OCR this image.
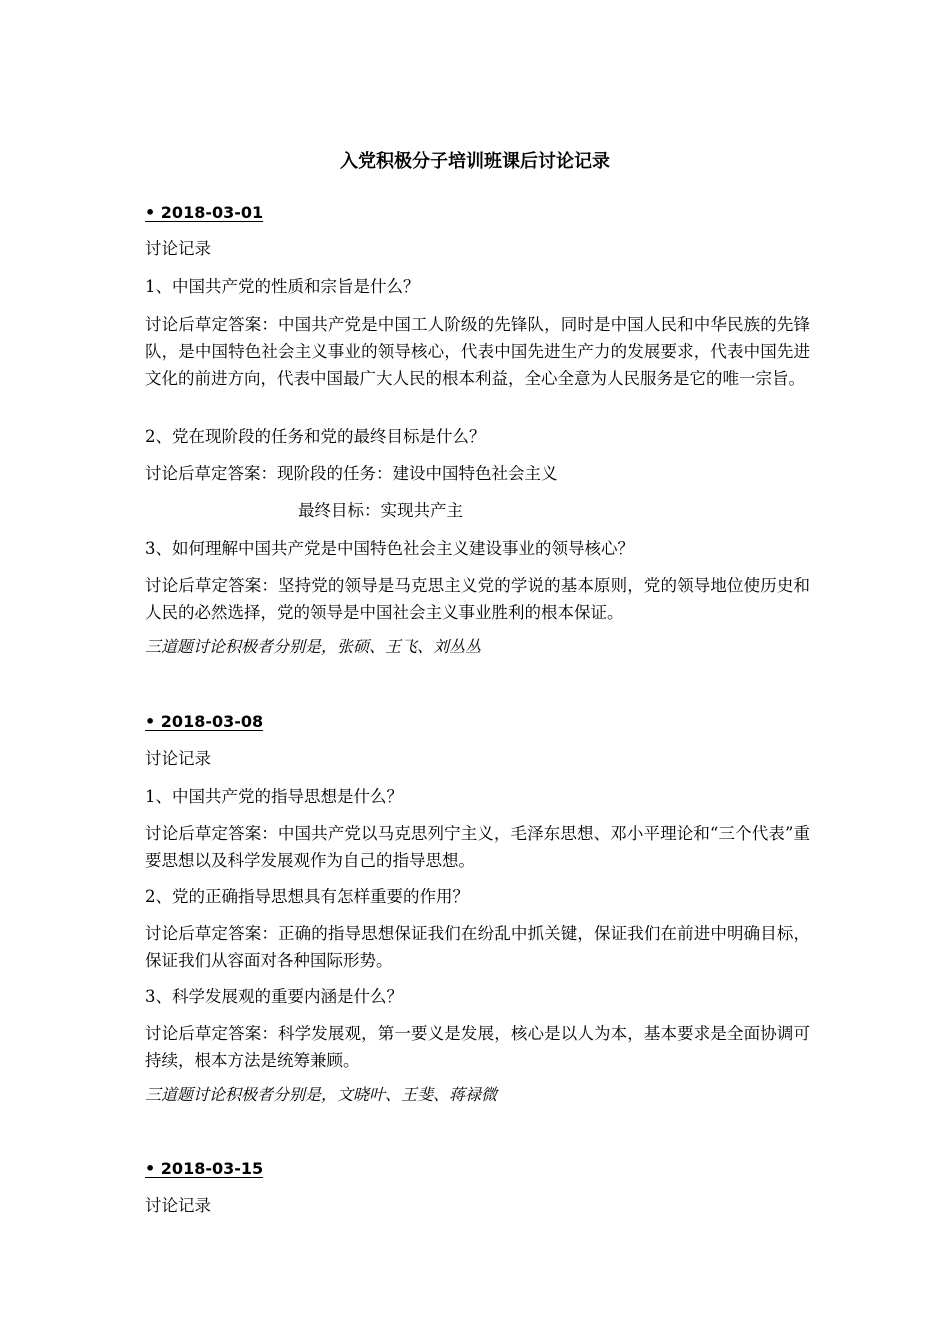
入党积极分子培训班课后讨论记录
• 2018-03-01
讨论记录
1、中国共产党的性质和宗旨是什么？
讨论后草定答案：中国共产党是中国工人阶级的先锋队，同时是中国人民和中华民族的先锋队，是中国特色社会主义事业的领导核心，代表中国先进生产力的发展要求，代表中国先进文化的前进方向，代表中国最广大人民的根本利益，全心全意为人民服务是它的唯一宗旨。
2、党在现阶段的任务和党的最终目标是什么？
讨论后草定答案：现阶段的任务：建设中国特色社会主义
最终目标：实现共产主
3、如何理解中国共产党是中国特色社会主义建设事业的领导核心？
讨论后草定答案：坚持党的领导是马克思主义党的学说的基本原则，党的领导地位使历史和人民的必然选择，党的领导是中国社会主义事业胜利的根本保证。
三道题讨论积极者分别是，张硕、王飞、刘丛丛
• 2018-03-08
讨论记录
1、中国共产党的指导思想是什么？
讨论后草定答案：中国共产党以马克思列宁主义，毛泽东思想、邓小平理论和“三个代表”重要思想以及科学发展观作为自己的指导思想。
2、党的正确指导思想具有怎样重要的作用？
讨论后草定答案：正确的指导思想保证我们在纷乱中抓关键，保证我们在前进中明确目标，保证我们从容面对各种国际形势。
3、科学发展观的重要内涵是什么？
讨论后草定答案：科学发展观，第一要义是发展，核心是以人为本，基本要求是全面协调可持续，根本方法是统筹兼顾。
三道题讨论积极者分别是，文晓叶、王斐、蒋禄微
• 2018-03-15
讨论记录
